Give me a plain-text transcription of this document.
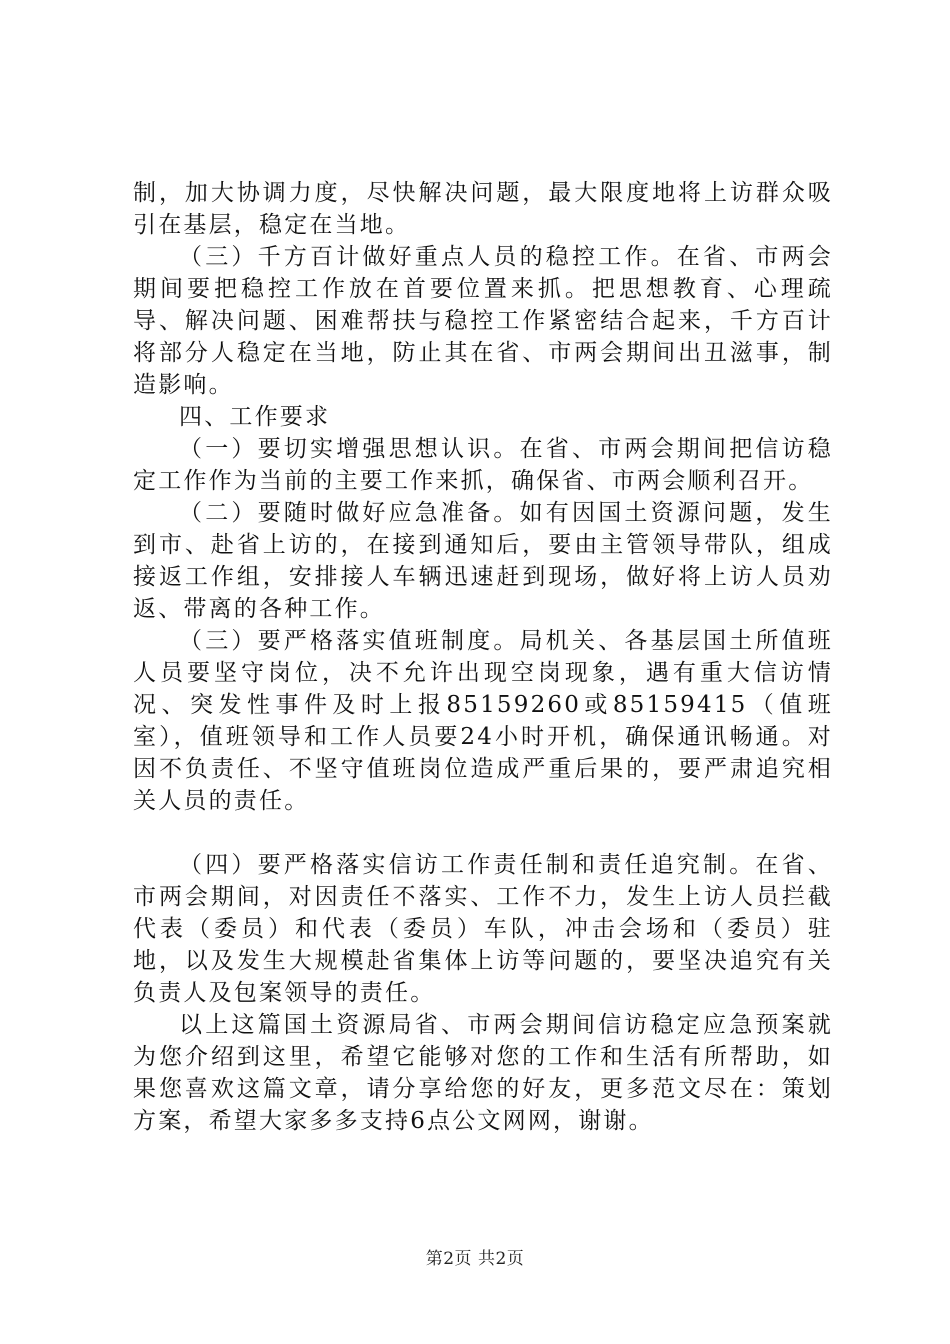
制，加大协调力度，尽快解决问题，最大限度地将上访群众吸引在基层，稳定在当地。

（三）千方百计做好重点人员的稳控工作。在省、市两会期间要把稳控工作放在首要位置来抓。把思想教育、心理疏导、解决问题、困难帮扶与稳控工作紧密结合起来，千方百计将部分人稳定在当地，防止其在省、市两会期间出丑滋事，制造影响。

四、工作要求

（一）要切实增强思想认识。在省、市两会期间把信访稳定工作作为当前的主要工作来抓，确保省、市两会顺利召开。

（二）要随时做好应急准备。如有因国土资源问题，发生到市、赴省上访的，在接到通知后，要由主管领导带队，组成接返工作组，安排接人车辆迅速赶到现场，做好将上访人员劝返、带离的各种工作。

（三）要严格落实值班制度。局机关、各基层国土所值班人员要坚守岗位，决不允许出现空岗现象，遇有重大信访情况、突发性事件及时上报85159260或85159415（值班室），值班领导和工作人员要24小时开机，确保通讯畅通。对因不负责任、不坚守值班岗位造成严重后果的，要严肃追究相关人员的责任。

（四）要严格落实信访工作责任制和责任追究制。在省、市两会期间，对因责任不落实、工作不力，发生上访人员拦截代表（委员）和代表（委员）车队，冲击会场和（委员）驻地，以及发生大规模赴省集体上访等问题的，要坚决追究有关负责人及包案领导的责任。

以上这篇国土资源局省、市两会期间信访稳定应急预案就为您介绍到这里，希望它能够对您的工作和生活有所帮助，如果您喜欢这篇文章，请分享给您的好友，更多范文尽在：策划方案，希望大家多多支持6点公文网网，谢谢。

第2页 共2页
